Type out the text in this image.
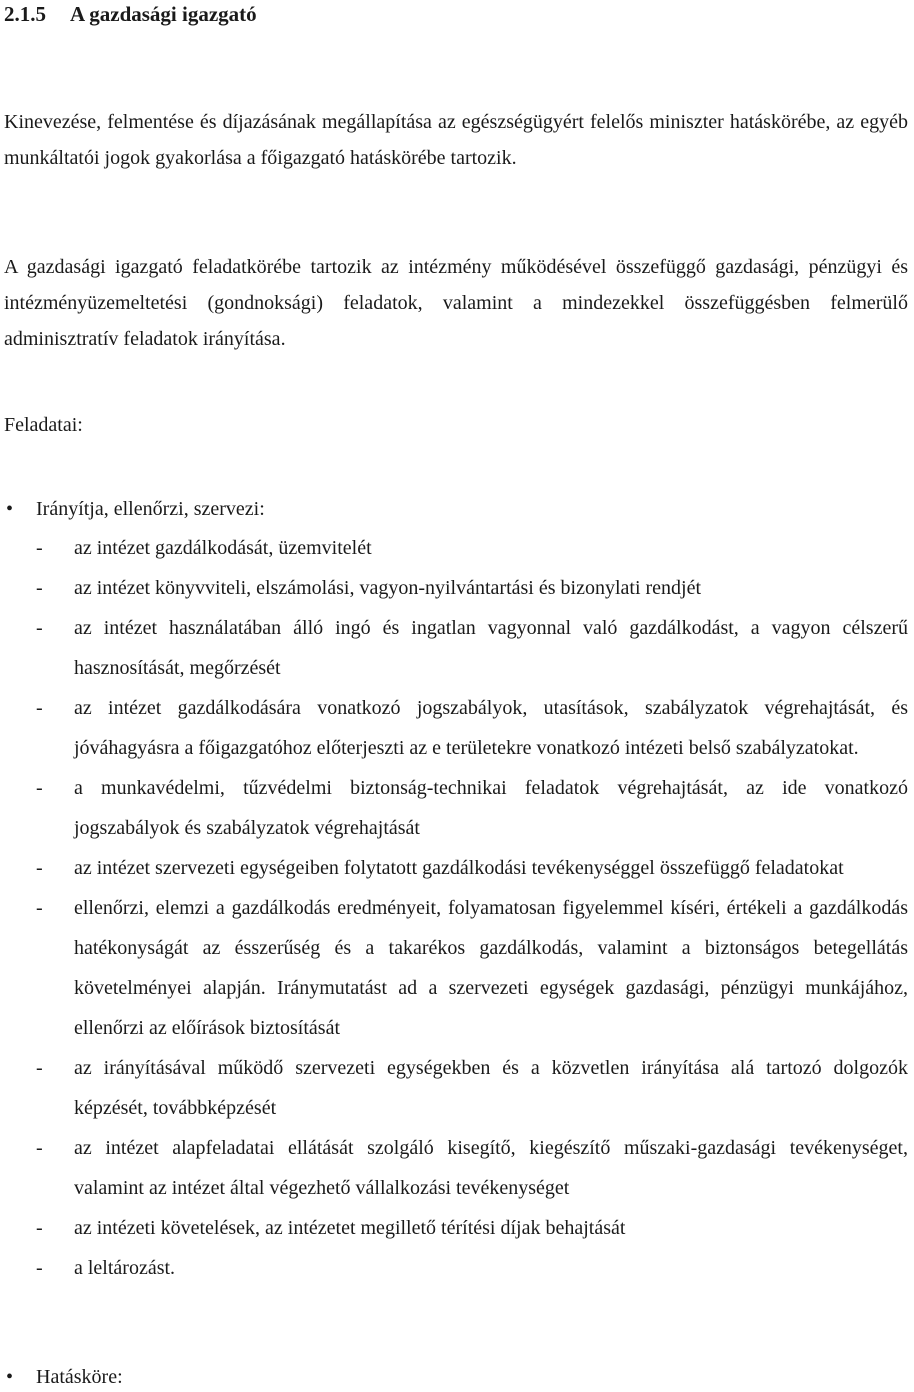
2.1.5 A gazdasági igazgató

Kinevezése, felmentése és díjazásának megállapítása az egészségügyért felelős miniszter hatáskörébe, az egyéb munkáltatói jogok gyakorlása a főigazgató hatáskörébe tartozik.

A gazdasági igazgató feladatkörébe tartozik az intézmény működésével összefüggő gazdasági, pénzügyi és intézményüzemeltetési (gondnoksági) feladatok, valamint a mindezekkel összefüggésben felmerülő adminisztratív feladatok irányítása.

Feladatai:
• Irányítja, ellenőrzi, szervezi:
- az intézet gazdálkodását, üzemvitelét
- az intézet könyvviteli, elszámolási, vagyon-nyilvántartási és bizonylati rendjét
- az intézet használatában álló ingó és ingatlan vagyonnal való gazdálkodást, a vagyon célszerű hasznosítását, megőrzését
- az intézet gazdálkodására vonatkozó jogszabályok, utasítások, szabályzatok végrehajtását, és jóváhagyásra a főigazgatóhoz előterjeszti az e területekre vonatkozó intézeti belső szabályzatokat.
- a munkavédelmi, tűzvédelmi biztonság-technikai feladatok végrehajtását, az ide vonatkozó jogszabályok és szabályzatok végrehajtását
- az intézet szervezeti egységeiben folytatott gazdálkodási tevékenységgel összefüggő feladatokat
- ellenőrzi, elemzi a gazdálkodás eredményeit, folyamatosan figyelemmel kíséri, értékeli a gazdálkodás hatékonyságát az ésszerűség és a takarékos gazdálkodás, valamint a biztonságos betegellátás követelményei alapján. Iránymutatást ad a szervezeti egységek gazdasági, pénzügyi munkájához, ellenőrzi az előírások biztosítását
- az irányításával működő szervezeti egységekben és a közvetlen irányítása alá tartozó dolgozók képzését, továbbképzését
- az intézet alapfeladatai ellátását szolgáló kisegítő, kiegészítő műszaki-gazdasági tevékenységet, valamint az intézet által végezhető vállalkozási tevékenységet
- az intézeti követelések, az intézetet megillető térítési díjak behajtását
- a leltározást.
• Hatásköre:
